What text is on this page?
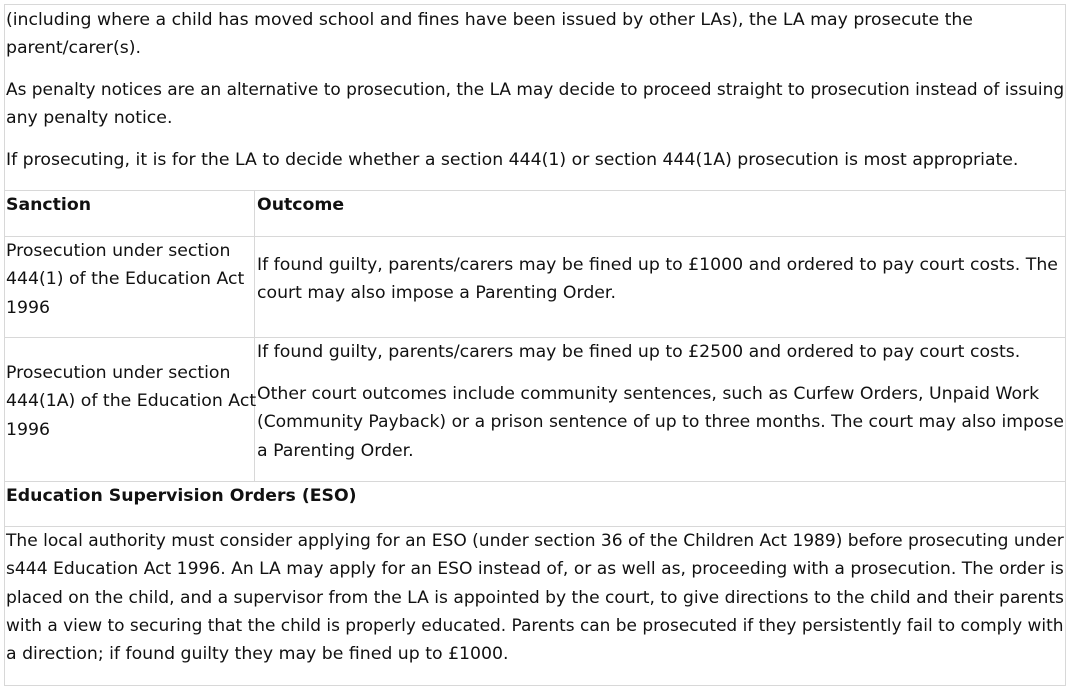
(including where a child has moved school and fines have been issued by other LAs), the LA may prosecute the

parent/carer(s).

As penalty notices are an alternative to prosecution, the LA may decide to proceed straight to prosecution instead of issuing

any penalty notice.

If prosecuting, it is for the LA to decide whether a section 444(1) or section 444(1A) prosecution is most appropriate.

Sanction	Outcome

Prosecution under section

444(1) of the Education Act

1996

If found guilty, parents/carers may be fined up to £1000 and ordered to pay court costs. The

court may also impose a Parenting Order.

Prosecution under section

444(1A) of the Education Act

1996

If found guilty, parents/carers may be fined up to £2500 and ordered to pay court costs.

Other court outcomes include community sentences, such as Curfew Orders, Unpaid Work

(Community Payback) or a prison sentence of up to three months. The court may also impose

a Parenting Order.

Education Supervision Orders (ESO)

The local authority must consider applying for an ESO (under section 36 of the Children Act 1989) before prosecuting under

s444 Education Act 1996. An LA may apply for an ESO instead of, or as well as, proceeding with a prosecution. The order is

placed on the child, and a supervisor from the LA is appointed by the court, to give directions to the child and their parents

with a view to securing that the child is properly educated. Parents can be prosecuted if they persistently fail to comply with

a direction; if found guilty they may be fined up to £1000.
